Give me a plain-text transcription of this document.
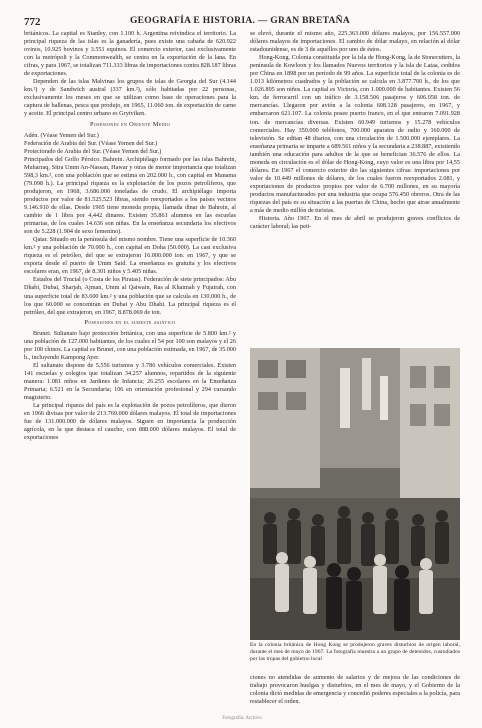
772	GEOGRAFÍA E HISTORIA. — GRAN BRETAÑA

británicos. La capital es Stanley, con 1.100 h. Argentina reivindica el territorio. La principal riqueza de las islas es la ganadería, pues existe una cabaña de 620.922 ovinos, 10.925 bovinos y 3.551 equinos. El comercio exterior, casi exclusivamente con la metrópoli y la Commonwealth, se centra en la exportación de la lana. En cifras, y para 1967, se totalizan 711.333 libras de importaciones contra 828.187 libras de exportaciones.

Dependen de las islas Malvinas los grupos de islas de Georgia del Sur (4.144 km.²) y de Sandwich austral (337 km.²), sólo habitadas por 22 personas, exclusivamente los meses en que se utilizan como base de operaciones para la captura de ballenas, pesca que produjo, en 1965, 11.060 ton. de exportación de carne y aceite. El principal centro urbano es Grytviken.

Posesiones en Oriente Medio

Adén. (Véase Yemen del Sur.)
Federación de Arabia del Sur. (Véase Yemen del Sur.)
Protectorado de Arabia del Sur. (Véase Yemen del Sur.)

Principados del Golfo Pérsico. Bahrein. Archipiélago formado por las islas Bahrein, Muharraq, Sitra Umm An-Nassan, Hawar y otras de menor importancia que totalizan 598,3 km.², con una población que se estima en 202.000 h., con capital en Manama (79.098 h.). La principal riqueza es la explotación de los pozos petrolíferos, que produjeron, en 1968, 3.686.000 toneladas de crudo. El archipiélago importa productos por valor de 81.525.523 libras, siendo reexportados a los países vecinos 9.146.910 de ellas. Desde 1965 tiene moneda propia, llamada dinar de Bahrein, al cambio de 1 libra por 4,442 dinares. Existen 35.861 alumnos en las escuelas primarias, de los cuales 14.636 son niñas. En la enseñanza secundaria los efectivos son de 5.228 (1.904 de sexo femenino).

Qatar. Situado en la península del mismo nombre. Tiene una superficie de 10.360 km.² y una población de 70.000 h., con capital en Doha (50.000). La casi exclusiva riqueza es el petróleo, del que se extrajeron 16.000.000 ton. en 1967, y que se exporta desde el puerto de Umm Said. La enseñanza es gratuita y los efectivos escolares eran, en 1967, de 8.301 niños y 5.405 niñas.

Estados del Trucial (o Costa de los Piratas). Federación de siete principados: Abu Dhabi, Dubai, Sharjah, Ajman, Umm al Qaiwain, Ras al Khaimah y Fujairah, con una superficie total de 83.600 km.² y una población que se calcula en 130.000 h., de los que 60.000 se concentran en Dubai y Abu Dhabi. La principal riqueza es el petróleo, del que extrajeron, en 1967, 8.878.069 de ton.

Posesiones en el sudeste asiático

Brunei. Sultanato bajo protección británica, con una superficie de 5.800 km.² y una población de 127.000 habitantes, de los cuales el 54 por 100 son malayos y el 26 por 100 chinos. La capital es Brunei, con una población estimada, en 1967, de 35.000 h., incluyendo Kampong Ayer.

El sultanato dispone de 5.556 turismos y 3.786 vehículos comerciales. Existen 141 escuelas y colegios que totalizan 34.257 alumnos, repartidos de la siguiente manera: 1.081 niños en Jardines de Infancia; 26.255 escolares en la Enseñanza Primaria; 6.521 en la Secundaria; 106 en orientación profesional y 294 cursando magisterio.

La principal riqueza del país es la explotación de pozos petrolíferos, que dieron en 1966 divisas por valor de 213.769.000 dólares malayos. El total de importaciones fue de 131.000.000 de dólares malayos. Siguen en importancia la producción agrícola, en la que destaca el caucho, con 888.000 dólares malayos. El total de exportaciones

se elevó, durante el mismo año, 225.363.000 dólares malayos, por 156.557.000 dólares malayos de importaciones. El cambio de dólar malayo, en relación al dólar estadounidense, es de 3 de aquéllos por uno de éstos.

Hong-Kong. Colonia constituida por la isla de Hong-Kong, la de Stonecutters, la península de Kowloon y los llamados Nuevos territorios y la isla de Lataa, cedidos por China en 1898 por un período de 99 años. La superficie total de la colonia es de 1.013 kilómetros cuadrados y la población se calcula en 3.877.700 h., de los que 1.026.895 son niños. La capital es Victoria, con 1.000.000 de habitantes. Existen 56 km. de ferrocarril con un tráfico de 3.158.506 pasajeros y 606.058 ton. de mercancías. Llegaron por avión a la colonia 608.128 pasajeros, en 1967, y embarcaron 621.107. La colonia posee puerto franco, en el que entraron 7.091.928 ton. de mercancías diversas. Existen 60.949 turismos y 15.278 vehículos comerciales. Hay 350.000 teléfonos, 700.000 aparatos de radio y 160.000 de televisión. Se editan 48 diarios, con una circulación de 1.500.000 ejemplares. La enseñanza primaria se imparte a 689.561 niños y la secundaria a 238.887, existiendo también una educación para adultos de la que se benefician 36.576 de ellos. La moneda en circulación es el dólar de Hong-Kong, cuyo valor es una libra por 14,55 dólares. En 1967 el comercio exterior dio las siguientes cifras: importaciones por valor de 10.449 millones de dólares, de los cuales fueron reexportados 2.081, y exportaciones de productos propios por valor de 6.700 millones, en su mayoría productos manufacturados por una industria que ocupa 576.450 obreros. Otra de las riquezas del país es su situación a las puertas de China, hecho que atrae anualmente a más de medio millón de turistas.

Historia. Año 1967. En el mes de abril se produjeron graves conflictos de carácter laboral; las peti-

En la colonia británica de Hong Kong se produjeron graves disturbios de origen laboral, durante el mes de mayo de 1967. La fotografía muestra a un grupo de detenidos, custodiados por las tropas del gobierno local

ciones no atendidas de aumento de salarios y de mejora de las condiciones de trabajo provocaron huelgas y disturbios, en el mes de mayo, y el Gobierno de la colonia dictó medidas de emergencia y concedió poderes especiales a la policía, para restablecer el orden.

Fotografía: Archivo
